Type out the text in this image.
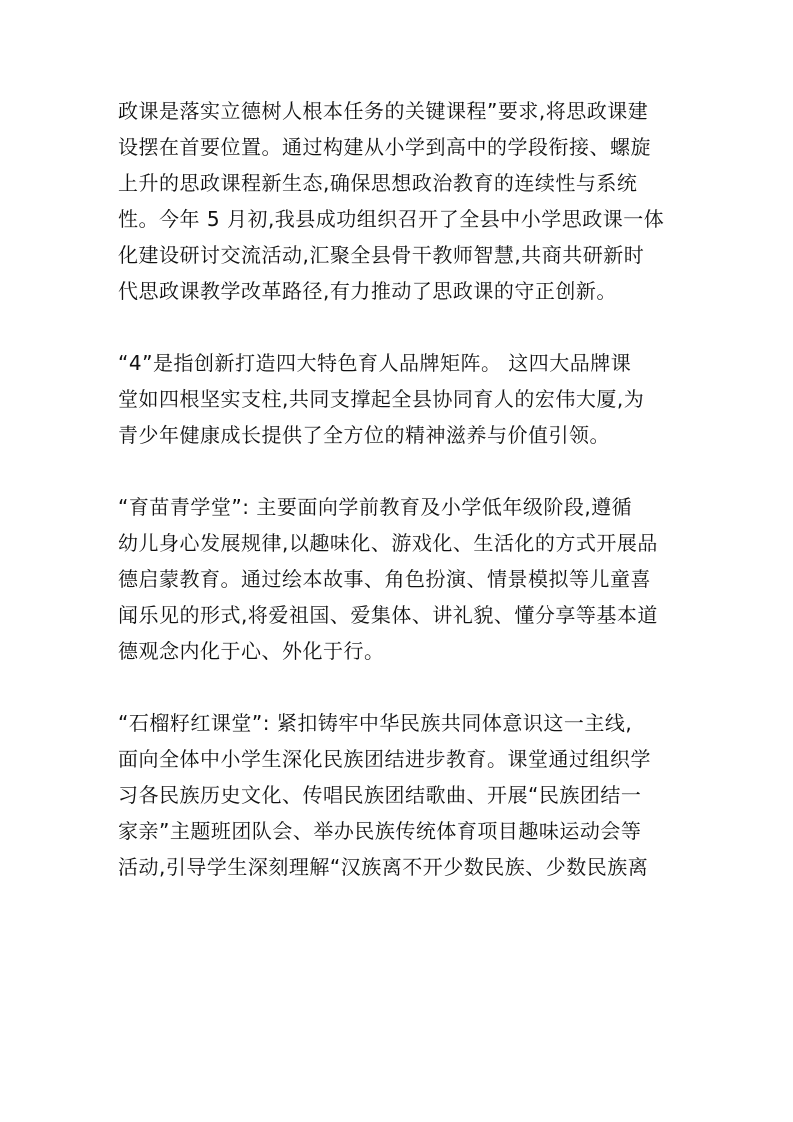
政课是落实立德树人根本任务的关键课程”要求,将思政课建
设摆在首要位置。通过构建从小学到高中的学段衔接、螺旋
上升的思政课程新生态,确保思想政治教育的连续性与系统
性。今年 5 月初,我县成功组织召开了全县中小学思政课一体
化建设研讨交流活动,汇聚全县骨干教师智慧,共商共研新时
代思政课教学改革路径,有力推动了思政课的守正创新。
“4”是指创新打造四大特色育人品牌矩阵。 这四大品牌课
堂如四根坚实支柱,共同支撑起全县协同育人的宏伟大厦,为
青少年健康成长提供了全方位的精神滋养与价值引领。
“育苗青学堂”: 主要面向学前教育及小学低年级阶段,遵循
幼儿身心发展规律,以趣味化、游戏化、生活化的方式开展品
德启蒙教育。通过绘本故事、角色扮演、情景模拟等儿童喜
闻乐见的形式,将爱祖国、爱集体、讲礼貌、懂分享等基本道
德观念内化于心、外化于行。
“石榴籽红课堂”: 紧扣铸牢中华民族共同体意识这一主线,
面向全体中小学生深化民族团结进步教育。课堂通过组织学
习各民族历史文化、传唱民族团结歌曲、开展“民族团结一
家亲”主题班团队会、举办民族传统体育项目趣味运动会等
活动,引导学生深刻理解“汉族离不开少数民族、少数民族离
